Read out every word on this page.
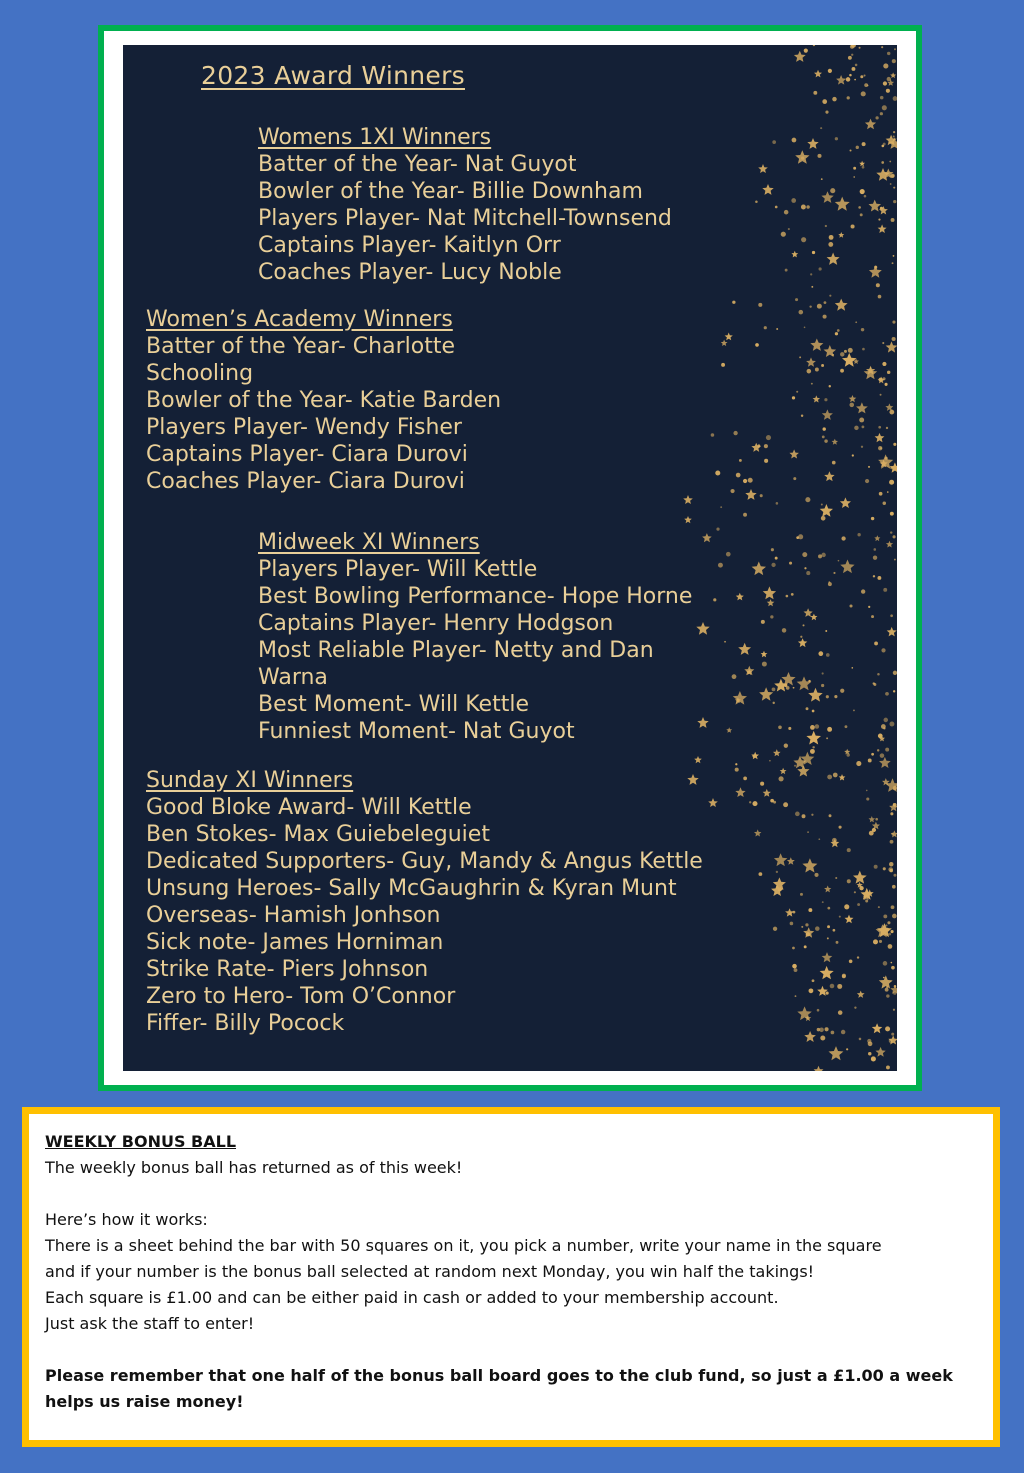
2023 Award Winners
Womens 1XI Winners
Batter of the Year- Nat Guyot
Bowler of the Year- Billie Downham
Players Player- Nat Mitchell-Townsend
Captains Player- Kaitlyn Orr
Coaches Player- Lucy Noble
Women’s Academy Winners
Batter of the Year- Charlotte
Schooling
Bowler of the Year- Katie Barden
Players Player- Wendy Fisher
Captains Player- Ciara Durovi
Coaches Player- Ciara Durovi
Midweek XI Winners
Players Player- Will Kettle
Best Bowling Performance- Hope Horne
Captains Player- Henry Hodgson
Most Reliable Player- Netty and Dan
Warna
Best Moment- Will Kettle
Funniest Moment- Nat Guyot
Sunday XI Winners
Good Bloke Award- Will Kettle
Ben Stokes- Max Guiebeleguiet
Dedicated Supporters- Guy, Mandy & Angus Kettle
Unsung Heroes- Sally McGaughrin & Kyran Munt
Overseas- Hamish Jonhson
Sick note- James Horniman
Strike Rate- Piers Johnson
Zero to Hero- Tom O’Connor
Fiffer- Billy Pocock

WEEKLY BONUS BALL

The weekly bonus ball has returned as of this week!

Here’s how it works:

There is a sheet behind the bar with 50 squares on it, you pick a number, write your name in the square

and if your number is the bonus ball selected at random next Monday, you win half the takings!

Each square is £1.00 and can be either paid in cash or added to your membership account.

Just ask the staff to enter!

Please remember that one half of the bonus ball board goes to the club fund, so just a £1.00 a week

helps us raise money!
